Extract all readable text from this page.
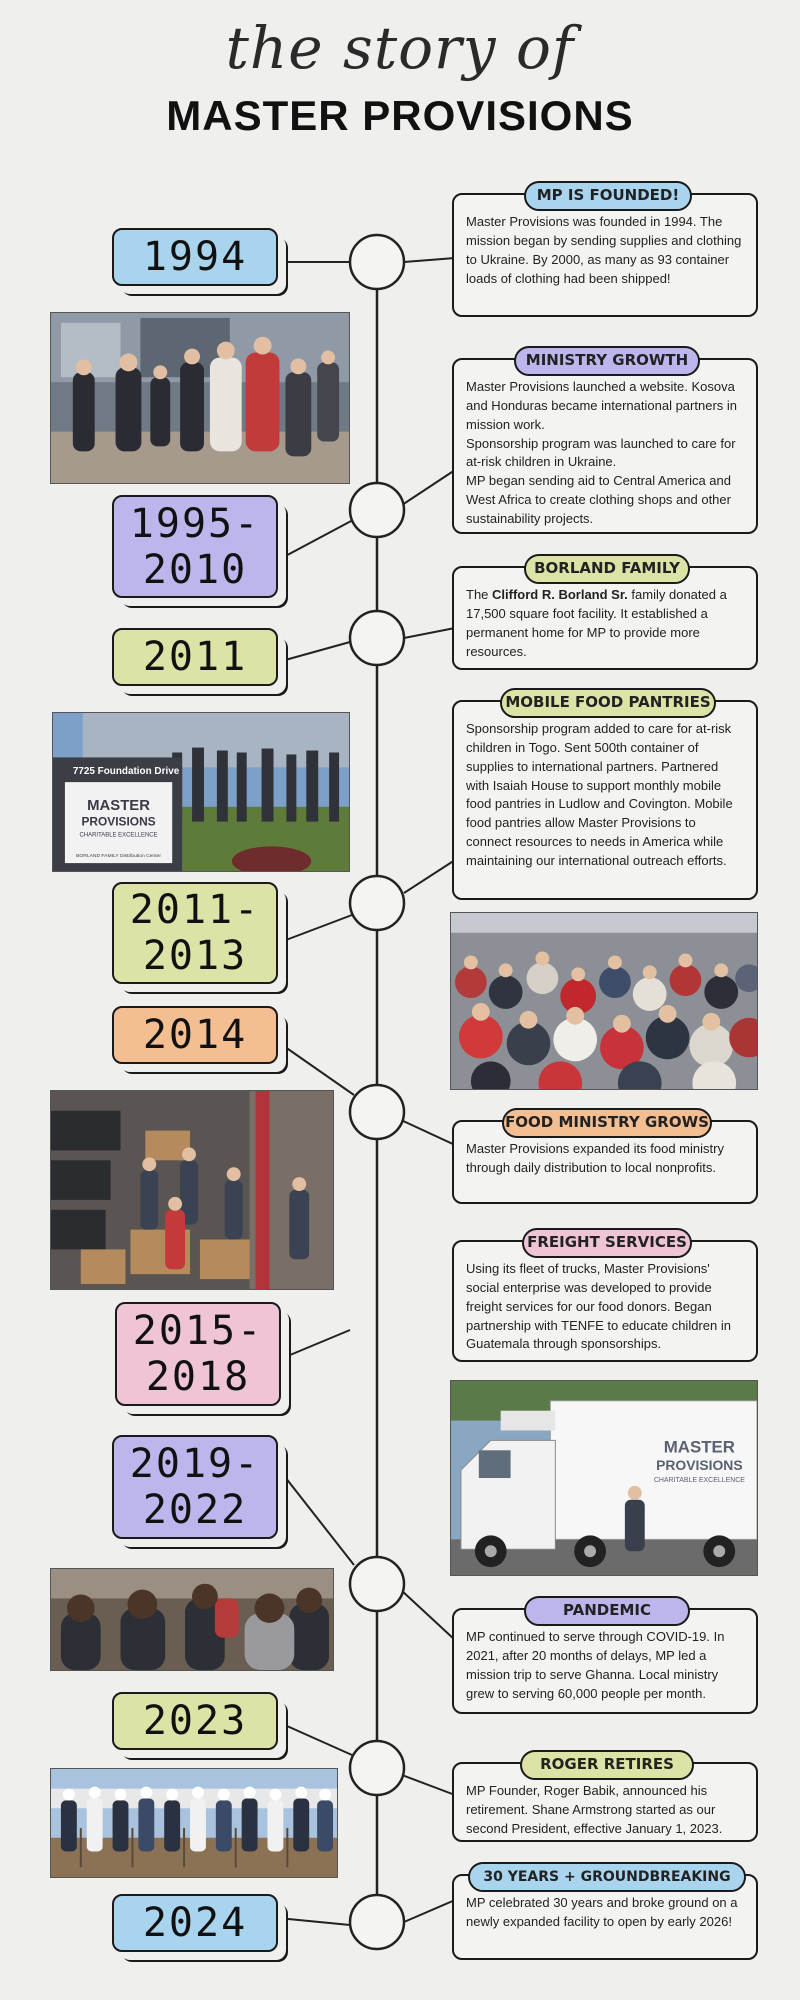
the story of
MASTER PROVISIONS
1994
1995-
2010
2011
2011-
2013
2014
2015-
2018
2019-
2022
2023
2024
MP IS FOUNDED!

Master Provisions was founded in 1994. The mission began by sending supplies and clothing to Ukraine. By 2000, as many as 93 container loads of clothing had been shipped!

MINISTRY GROWTH

Master Provisions launched a website. Kosova and Honduras became international partners in mission work.

Sponsorship program was launched to care for at-risk children in Ukraine.

MP began sending aid to Central America and West Africa to create clothing shops and other sustainability projects.

BORLAND FAMILY

The Clifford R. Borland Sr. family donated a 17,500 square foot facility. It established a permanent home for MP to provide more resources.

MOBILE FOOD PANTRIES

Sponsorship program added to care for at-risk children in Togo. Sent 500th container of supplies to international partners. Partnered with Isaiah House to support monthly mobile food pantries in Ludlow and Covington. Mobile food pantries allow Master Provisions to connect resources to needs in America while maintaining our international outreach efforts.

FOOD MINISTRY GROWS

Master Provisions expanded its food ministry through daily distribution to local nonprofits.

FREIGHT SERVICES

Using its fleet of trucks, Master Provisions' social enterprise was developed to provide freight services for our food donors. Began partnership with TENFE to educate children in Guatemala through sponsorships.

PANDEMIC

MP continued to serve through COVID-19. In 2021, after 20 months of delays, MP led a mission trip to serve Ghanna. Local ministry grew to serving 60,000 people per month.

ROGER RETIRES

MP Founder, Roger Babik, announced his retirement. Shane Armstrong started as our second President, effective January 1, 2023.

30 YEARS + GROUNDBREAKING

MP celebrated 30 years and broke ground on a newly expanded facility to open by early 2026!

7725 Foundation Drive
MASTER
PROVISIONS
CHARITABLE EXCELLENCE
BORLAND FAMILY Distribution Center
MASTER
PROVISIONS
CHARITABLE EXCELLENCE
